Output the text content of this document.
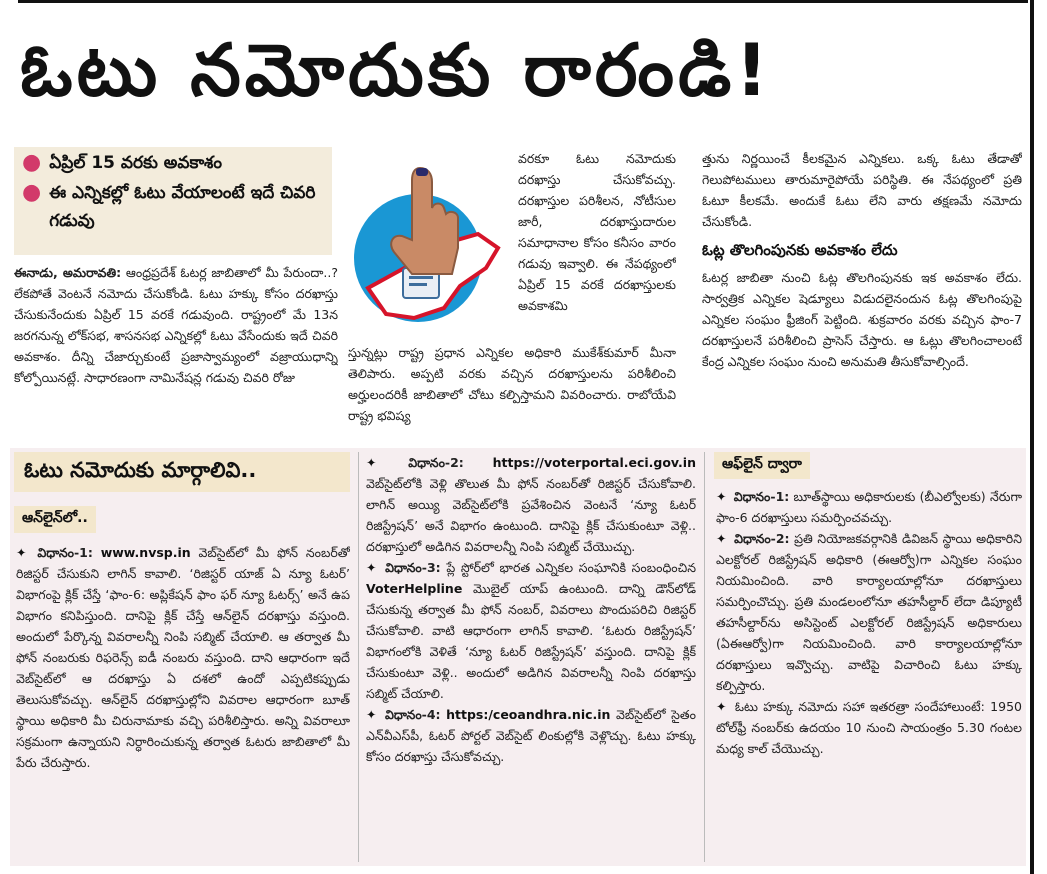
ఓటు నమోదుకు రారండి!
● ఏప్రిల్ 15 వరకు అవకాశం
● ఈ ఎన్నికల్లో ఓటు వేయాలంటే ఇదే చివరి గడువు

ఈనాడు, అమరావతి: ఆంధ్రప్రదేశ్ ఓటర్ల జాబితాలో మీ పేరుందా..? లేకపోతే వెంటనే నమోదు చేసుకోండి. ఓటు హక్కు కోసం దరఖాస్తు చేసుకునేందుకు ఏప్రిల్ 15 వరకే గడువుంది. రాష్ట్రంలో మే 13న జరగనున్న లోక్‌సభ, శాసనసభ ఎన్నికల్లో ఓటు వేసేందుకు ఇదే చివరి అవకాశం. దీన్ని చేజార్చుకుంటే ప్రజాస్వామ్యంలో వజ్రాయుధాన్ని కోల్పోయినట్లే. సాధారణంగా నామినేషన్ల గడువు చివరి రోజు

వరకూ ఓటు నమోదుకు దరఖాస్తు చేసుకోవచ్చు. దరఖాస్తుల పరిశీలన, నోటీసుల జారీ, దరఖాస్తుదారుల సమాధానాల కోసం కనీసం వారం గడువు ఇవ్వాలి. ఈ నేపథ్యంలో ఏప్రిల్ 15 వరకే దరఖాస్తులకు అవకాశమి

స్తున్నట్లు రాష్ట్ర ప్రధాన ఎన్నికల అధికారి ముకేశ్‌కుమార్ మీనా తెలిపారు. అప్పటి వరకు వచ్చిన దరఖాస్తులను పరిశీలించి అర్హులందరికీ జాబితాలో చోటు కల్పిస్తామని వివరించారు. రాబోయేవి రాష్ట్ర భవిష్య

త్తును నిర్ణయించే కీలకమైన ఎన్నికలు. ఒక్క ఓటు తేడాతో గెలుపోటములు తారుమారైపోయే పరిస్థితి. ఈ నేపథ్యంలో ప్రతి ఓటూ కీలకమే. అందుకే ఓటు లేని వారు తక్షణమే నమోదు చేసుకోండి.

ఓట్ల తొలగింపునకు అవకాశం లేదు

ఓటర్ల జాబితా నుంచి ఓట్ల తొలగింపునకు ఇక అవకాశం లేదు. సార్వత్రిక ఎన్నికల షెడ్యూలు విడుదలైనందున ఓట్ల తొలగింపుపై ఎన్నికల సంఘం ఫ్రీజింగ్ పెట్టింది. శుక్రవారం వరకు వచ్చిన ఫాం-7 దరఖాస్తులనే పరిశీలించి ప్రాసెస్ చేస్తారు. ఆ ఓట్లు తొలగించాలంటే కేంద్ర ఎన్నికల సంఘం నుంచి అనుమతి తీసుకోవాల్సిందే.

ఓటు నమోదుకు మార్గాలివి..
ఆన్‌లైన్‌లో..

✦ విధానం-1: www.nvsp.in వెబ్‌సైట్‌లో మీ ఫోన్ నంబర్‌తో రిజిస్టర్ చేసుకుని లాగిన్ కావాలి. ‘రిజిస్టర్ యాజ్ ఏ న్యూ ఓటర్’ విభాగంపై క్లిక్ చేస్తే ‘ఫాం-6: అప్లికేషన్ ఫాం ఫర్ న్యూ ఓటర్స్’ అనే ఉప విభాగం కనిపిస్తుంది. దానిపై క్లిక్ చేస్తే ఆన్‌లైన్ దరఖాస్తు వస్తుంది. అందులో పేర్కొన్న వివరాలన్నీ నింపి సబ్మిట్ చేయాలి. ఆ తర్వాత మీ ఫోన్ నంబరుకు రిఫరెన్స్ ఐడీ నంబరు వస్తుంది. దాని ఆధారంగా ఇదే వెబ్‌సైట్‌లో ఆ దరఖాస్తు ఏ దశలో ఉందో ఎప్పటికప్పుడు తెలుసుకోవచ్చు. ఆన్‌లైన్ దరఖాస్తుల్లోని వివరాల ఆధారంగా బూత్ స్థాయి అధికారి మీ చిరునామాకు వచ్చి పరిశీలిస్తారు. అన్ని వివరాలూ సక్రమంగా ఉన్నాయని నిర్ధారించుకున్న తర్వాత ఓటరు జాబితాలో మీ పేరు చేరుస్తారు.

✦	విధానం-2: https://voterportal.eci.gov.in వెబ్‌సైట్‌లోకి వెళ్లి తొలుత మీ ఫోన్ నంబర్‌తో రిజిస్టర్ చేసుకోవాలి. లాగిన్ అయ్యి వెబ్‌సైట్‌లోకి ప్రవేశించిన వెంటనే ‘న్యూ ఓటర్ రిజిస్ట్రేషన్’ అనే విభాగం ఉంటుంది. దానిపై క్లిక్ చేసుకుంటూ వెళ్లి.. దరఖాస్తులో అడిగిన వివరాలన్నీ నింపి సబ్మిట్ చేయొచ్చు.

✦ విధానం-3: ప్లే స్టోర్‌లో భారత ఎన్నికల సంఘానికి సంబంధించిన VoterHelpline మొబైల్ యాప్ ఉంటుంది. దాన్ని డౌన్‌లోడ్ చేసుకున్న తర్వాత మీ ఫోన్ నంబర్, వివరాలు పొందుపరిచి రిజిస్టర్ చేసుకోవాలి. వాటి ఆధారంగా లాగిన్ కావాలి. ‘ఓటరు రిజిస్ట్రేషన్’ విభాగంలోకి వెళితే ‘న్యూ ఓటర్ రిజిస్ట్రేషన్’ వస్తుంది. దానిపై క్లిక్ చేసుకుంటూ వెళ్లి.. అందులో అడిగిన వివరాలన్నీ నింపి దరఖాస్తు సబ్మిట్ చేయాలి.

✦ విధానం-4: https:/ceoandhra.nic.in వెబ్‌సైట్‌లో సైతం ఎన్‌వీఎస్‌పీ, ఓటర్ పోర్టల్ వెబ్‌సైట్ లింకుల్లోకి వెళ్లొచ్చు. ఓటు హక్కు కోసం దరఖాస్తు చేసుకోవచ్చు.

ఆఫ్‌లైన్ ద్వారా

✦ విధానం-1: బూత్‌స్థాయి అధికారులకు (బీఎల్వోలకు) నేరుగా ఫాం-6 దరఖాస్తులు సమర్పించవచ్చు.

✦ విధానం-2: ప్రతి నియోజకవర్గానికి డివిజన్ స్థాయి అధికారిని ఎలక్టోరల్ రిజిస్ట్రేషన్ అధికారి (ఈఆర్వో)గా ఎన్నికల సంఘం నియమించింది. వారి కార్యాలయాల్లోనూ దరఖాస్తులు సమర్పించొచ్చు. ప్రతి మండలంలోనూ తహసీల్దార్ లేదా డిప్యూటీ తహసీల్దార్‌ను అసిస్టెంట్ ఎలక్టోరల్ రిజిస్ట్రేషన్ అధికారులు (ఏఈఆర్వో)గా నియమించింది. వారి కార్యాలయాల్లోనూ దరఖాస్తులు ఇవ్వొచ్చు. వాటిపై విచారించి ఓటు హక్కు కల్పిస్తారు.

✦ ఓటు హక్కు నమోదు సహా ఇతరత్రా సందేహాలుంటే: 1950 టోల్‌ఫ్రీ నంబర్‌కు ఉదయం 10 నుంచి సాయంత్రం 5.30 గంటల మధ్య కాల్ చేయొచ్చు.
